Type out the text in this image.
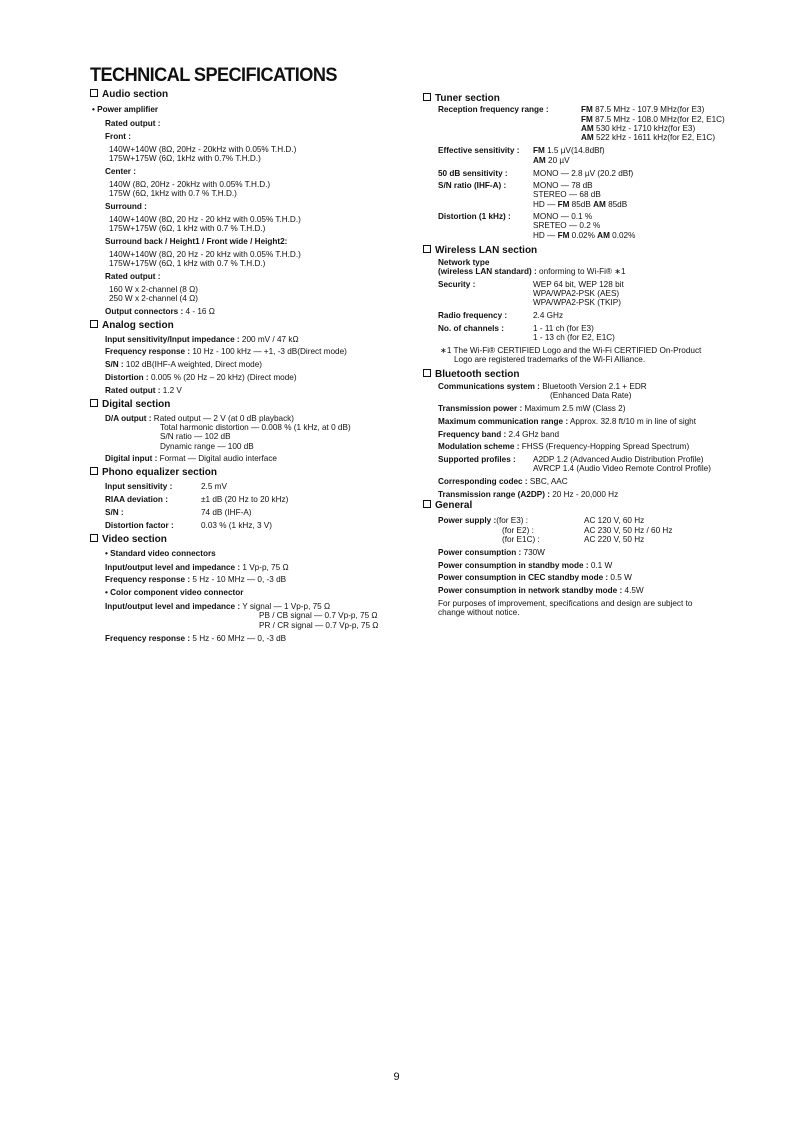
TECHNICAL SPECIFICATIONS
Audio section
• Power amplifier
Rated output :
Front :
140W+140W (8Ω, 20Hz - 20kHz with 0.05% T.H.D.)
175W+175W (6Ω, 1kHz with 0.7% T.H.D.)
Center :
140W (8Ω, 20Hz - 20kHz with 0.05% T.H.D.)
175W (6Ω, 1kHz with 0.7 % T.H.D.)
Surround :
140W+140W (8Ω, 20 Hz - 20 kHz with 0.05% T.H.D.)
175W+175W (6Ω, 1 kHz with 0.7 % T.H.D.)
Surround back / Height1 / Front wide / Height2:
140W+140W (8Ω, 20 Hz - 20 kHz with 0.05% T.H.D.)
175W+175W (6Ω, 1 kHz with 0.7 % T.H.D.)
Rated output :
160 W x 2-channel (8 Ω)
250 W x 2-channel (4 Ω)
Output connectors : 4 - 16 Ω
Analog section
Input sensitivity/Input impedance : 200 mV / 47 kΩ
Frequency response : 10 Hz - 100 kHz — +1, -3 dB(Direct mode)
S/N : 102 dB(IHF-A weighted, Direct mode)
Distortion : 0.005 % (20 Hz – 20 kHz) (Direct mode)
Rated output : 1.2 V
Digital section
D/A output : Rated output — 2 V (at 0 dB playback)
Total harmonic distortion — 0.008 % (1 kHz, at 0 dB)
S/N ratio — 102 dB
Dynamic range — 100 dB
Digital input : Format — Digital audio interface
Phono equalizer section
Input sensitivity :	2.5 mV
RIAA deviation :	±1 dB (20 Hz to 20 kHz)
S/N :	74 dB (IHF-A)
Distortion factor :	0.03 % (1 kHz, 3 V)
Video section
• Standard video connectors
Input/output level and impedance : 1 Vp-p, 75 Ω
Frequency response : 5 Hz - 10 MHz — 0, -3 dB
• Color component video connector
Input/output level and impedance : Y signal — 1 Vp-p, 75 Ω
PB / CB signal — 0.7 Vp-p, 75 Ω
PR / CR signal — 0.7 Vp-p, 75 Ω
Frequency response : 5 Hz - 60 MHz — 0, -3 dB
Tuner section
Reception frequency range :	FM 87.5 MHz - 107.9 MHz(for E3)
FM 87.5 MHz - 108.0 MHz(for E2, E1C)
AM 530 kHz - 1710 kHz(for E3)
AM 522 kHz - 1611 kHz(for E2, E1C)
Effective sensitivity : FM 1.5 µV(14.8dBf)
AM 20 µV
50 dB sensitivity :	MONO — 2.8 µV (20.2 dBf)
S/N ratio (IHF-A) :	MONO — 78 dB
STEREO — 68 dB
HD — FM 85dB AM 85dB
Distortion (1 kHz) :	MONO — 0.1 %
SRETEO — 0.2 %
HD — FM 0.02% AM 0.02%
Wireless LAN section
Network type
(wireless LAN standard) : onforming to Wi-Fi® ∗1
Security :	WEP 64 bit, WEP 128 bit
WPA/WPA2-PSK (AES)
WPA/WPA2-PSK (TKIP)
Radio frequency :	2.4 GHz
No. of channels :	1 - 11 ch (for E3)
1 - 13 ch (for E2, E1C)
∗1 The Wi-Fi® CERTIFIED Logo and the Wi-Fi CERTIFIED On-Product
Logo are registered trademarks of the Wi-Fi Alliance.
Bluetooth section
Communications system : Bluetooth Version 2.1 + EDR
(Enhanced Data Rate)
Transmission power : Maximum 2.5 mW (Class 2)
Maximum communication range : Approx. 32.8 ft/10 m in line of sight
Frequency band : 2.4 GHz band
Modulation scheme : FHSS (Frequency-Hopping Spread Spectrum)
Supported profiles : A2DP 1.2 (Advanced Audio Distribution Profile)
AVRCP 1.4 (Audio Video Remote Control Profile)
Corresponding codec : SBC, AAC
Transmission range (A2DP) : 20 Hz - 20,000 Hz
General
Power supply :(for E3) :	AC 120 V, 60 Hz
(for E2) :	AC 230 V, 50 Hz / 60 Hz
(for E1C) :	AC 220 V, 50 Hz
Power consumption : 730W
Power consumption in standby mode : 0.1 W
Power consumption in CEC standby mode : 0.5 W
Power consumption in network standby mode : 4.5W
For purposes of improvement, specifications and design are subject to
change without notice.
9
